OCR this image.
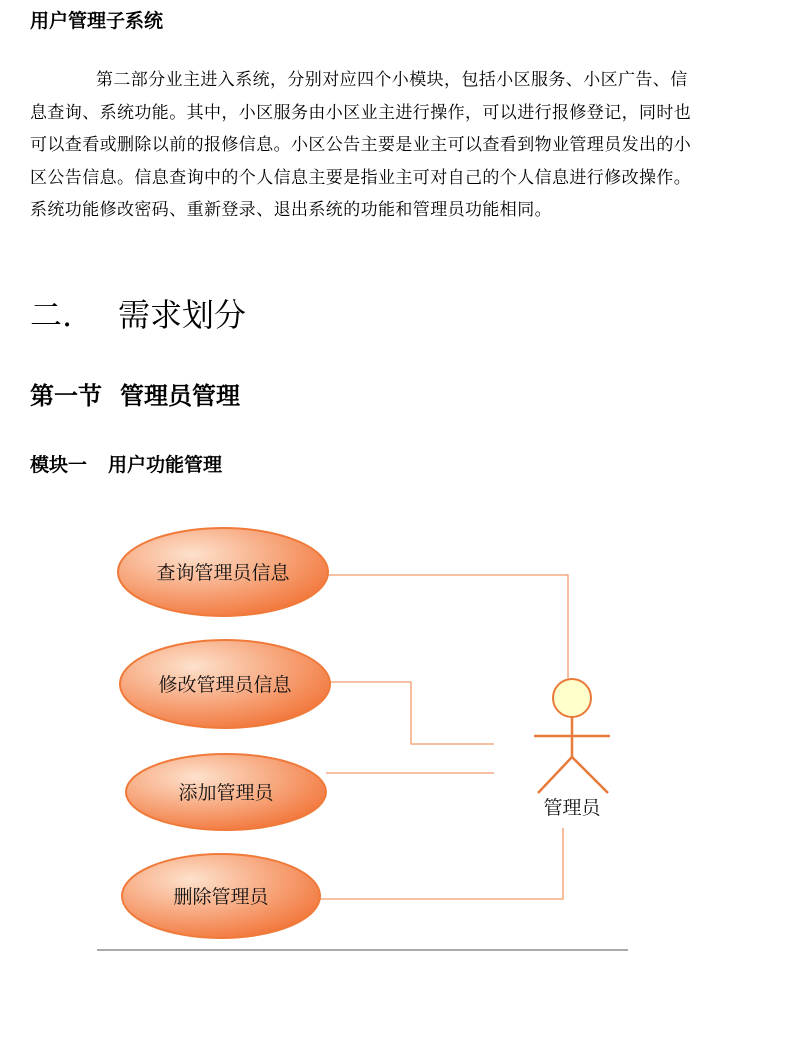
用户管理子系统

第二部分业主进入系统，分别对应四个小模块，包括小区服务、小区广告、信息查询、系统功能。其中，小区服务由小区业主进行操作，可以进行报修登记，同时也可以查看或删除以前的报修信息。小区公告主要是业主可以查看到物业管理员发出的小区公告信息。信息查询中的个人信息主要是指业主可对自己的个人信息进行修改操作。系统功能修改密码、重新登录、退出系统的功能和管理员功能相同。

二. 需求划分
第一节 管理员管理
模块一 用户功能管理
查询管理员信息
修改管理员信息
添加管理员
删除管理员
管理员
